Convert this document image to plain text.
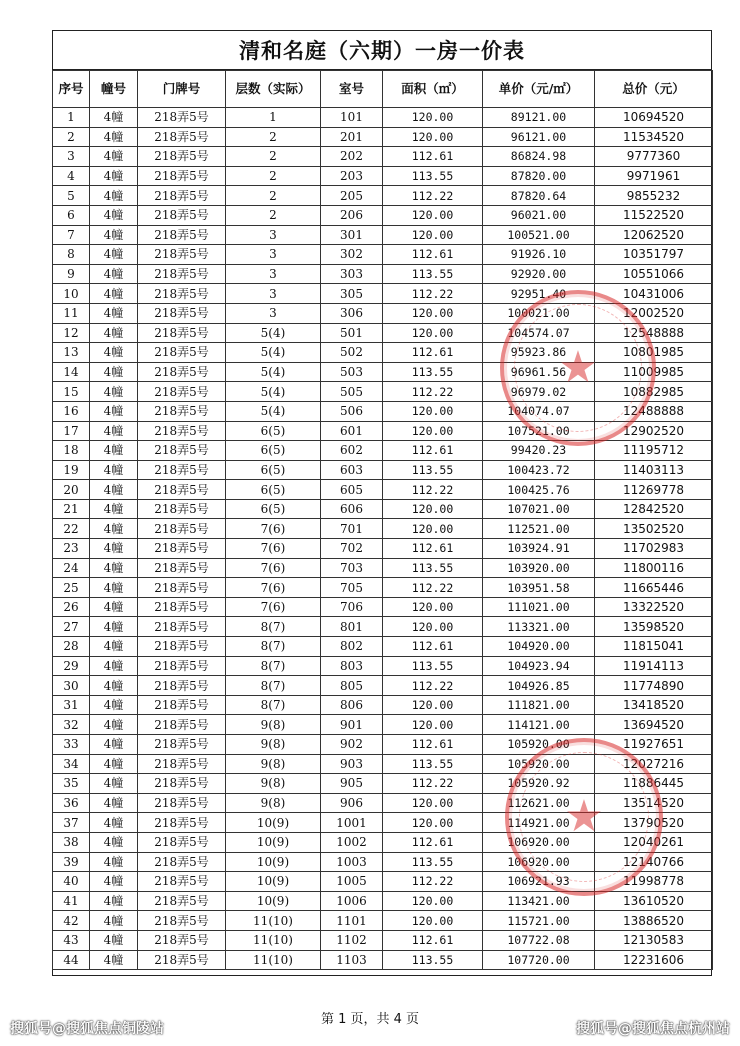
清和名庭（六期）一房一价表
序号	幢号	门牌号	层数（实际）	室号	面积（㎡）	单价（元/㎡）	总价（元）
1	4幢	218弄5号	1	101	120.00	89121.00	10694520
2	4幢	218弄5号	2	201	120.00	96121.00	11534520
3	4幢	218弄5号	2	202	112.61	86824.98	9777360
4	4幢	218弄5号	2	203	113.55	87820.00	9971961
5	4幢	218弄5号	2	205	112.22	87820.64	9855232
6	4幢	218弄5号	2	206	120.00	96021.00	11522520
7	4幢	218弄5号	3	301	120.00	100521.00	12062520
8	4幢	218弄5号	3	302	112.61	91926.10	10351797
9	4幢	218弄5号	3	303	113.55	92920.00	10551066
10	4幢	218弄5号	3	305	112.22	92951.40	10431006
11	4幢	218弄5号	3	306	120.00	100021.00	12002520
12	4幢	218弄5号	5(4)	501	120.00	104574.07	12548888
13	4幢	218弄5号	5(4)	502	112.61	95923.86	10801985
14	4幢	218弄5号	5(4)	503	113.55	96961.56	11009985
15	4幢	218弄5号	5(4)	505	112.22	96979.02	10882985
16	4幢	218弄5号	5(4)	506	120.00	104074.07	12488888
17	4幢	218弄5号	6(5)	601	120.00	107521.00	12902520
18	4幢	218弄5号	6(5)	602	112.61	99420.23	11195712
19	4幢	218弄5号	6(5)	603	113.55	100423.72	11403113
20	4幢	218弄5号	6(5)	605	112.22	100425.76	11269778
21	4幢	218弄5号	6(5)	606	120.00	107021.00	12842520
22	4幢	218弄5号	7(6)	701	120.00	112521.00	13502520
23	4幢	218弄5号	7(6)	702	112.61	103924.91	11702983
24	4幢	218弄5号	7(6)	703	113.55	103920.00	11800116
25	4幢	218弄5号	7(6)	705	112.22	103951.58	11665446
26	4幢	218弄5号	7(6)	706	120.00	111021.00	13322520
27	4幢	218弄5号	8(7)	801	120.00	113321.00	13598520
28	4幢	218弄5号	8(7)	802	112.61	104920.00	11815041
29	4幢	218弄5号	8(7)	803	113.55	104923.94	11914113
30	4幢	218弄5号	8(7)	805	112.22	104926.85	11774890
31	4幢	218弄5号	8(7)	806	120.00	111821.00	13418520
32	4幢	218弄5号	9(8)	901	120.00	114121.00	13694520
33	4幢	218弄5号	9(8)	902	112.61	105920.00	11927651
34	4幢	218弄5号	9(8)	903	113.55	105920.00	12027216
35	4幢	218弄5号	9(8)	905	112.22	105920.92	11886445
36	4幢	218弄5号	9(8)	906	120.00	112621.00	13514520
37	4幢	218弄5号	10(9)	1001	120.00	114921.00	13790520
38	4幢	218弄5号	10(9)	1002	112.61	106920.00	12040261
39	4幢	218弄5号	10(9)	1003	113.55	106920.00	12140766
40	4幢	218弄5号	10(9)	1005	112.22	106921.93	11998778
41	4幢	218弄5号	10(9)	1006	120.00	113421.00	13610520
42	4幢	218弄5号	11(10)	1101	120.00	115721.00	13886520
43	4幢	218弄5号	11(10)	1102	112.61	107722.08	12130583
44	4幢	218弄5号	11(10)	1103	113.55	107720.00	12231606
★
★
第 1 页，共 4 页
搜狐号@搜狐焦点铜陵站	搜狐号@搜狐焦点杭州站
